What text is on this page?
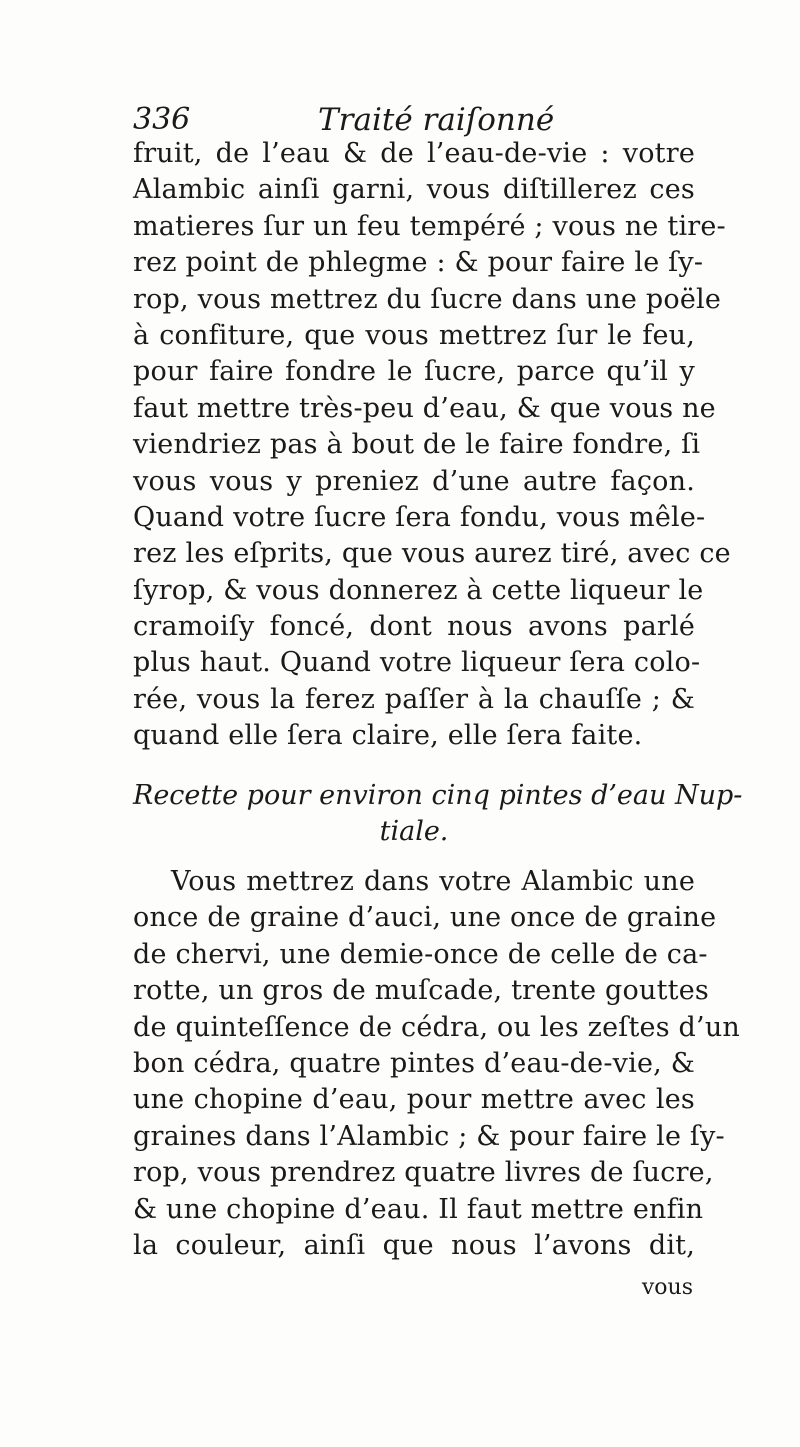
336	Traité raiſonné
fruit, de l’eau & de l’eau-de-vie : votre
Alambic ainſi garni, vous diſtillerez ces
matieres ſur un feu tempéré ; vous ne tire-
rez point de phlegme : & pour faire le ſy-
rop, vous mettrez du ſucre dans une poële
à confiture, que vous mettrez ſur le feu,
pour faire fondre le ſucre, parce qu’il y
faut mettre très-peu d’eau, & que vous ne
viendriez pas à bout de le faire fondre, ſi
vous vous y preniez d’une autre façon.
Quand votre ſucre ſera fondu, vous mêle-
rez les eſprits, que vous aurez tiré, avec ce
ſyrop, & vous donnerez à cette liqueur le
cramoiſy foncé, dont nous avons parlé
plus haut. Quand votre liqueur ſera colo-
rée, vous la ferez paſſer à la chauſſe ; &
quand elle ſera claire, elle ſera faite.
Recette pour environ cinq pintes d’eau Nup-
tiale.
Vous mettrez dans votre Alambic une
once de graine d’auci, une once de graine
de chervi, une demie-once de celle de ca-
rotte, un gros de muſcade, trente gouttes
de quinteſſence de cédra, ou les zeſtes d’un
bon cédra, quatre pintes d’eau-de-vie, &
une chopine d’eau, pour mettre avec les
graines dans l’Alambic ; & pour faire le ſy-
rop, vous prendrez quatre livres de ſucre,
& une chopine d’eau. Il faut mettre enfin
la couleur, ainſi que nous l’avons dit,
vous
